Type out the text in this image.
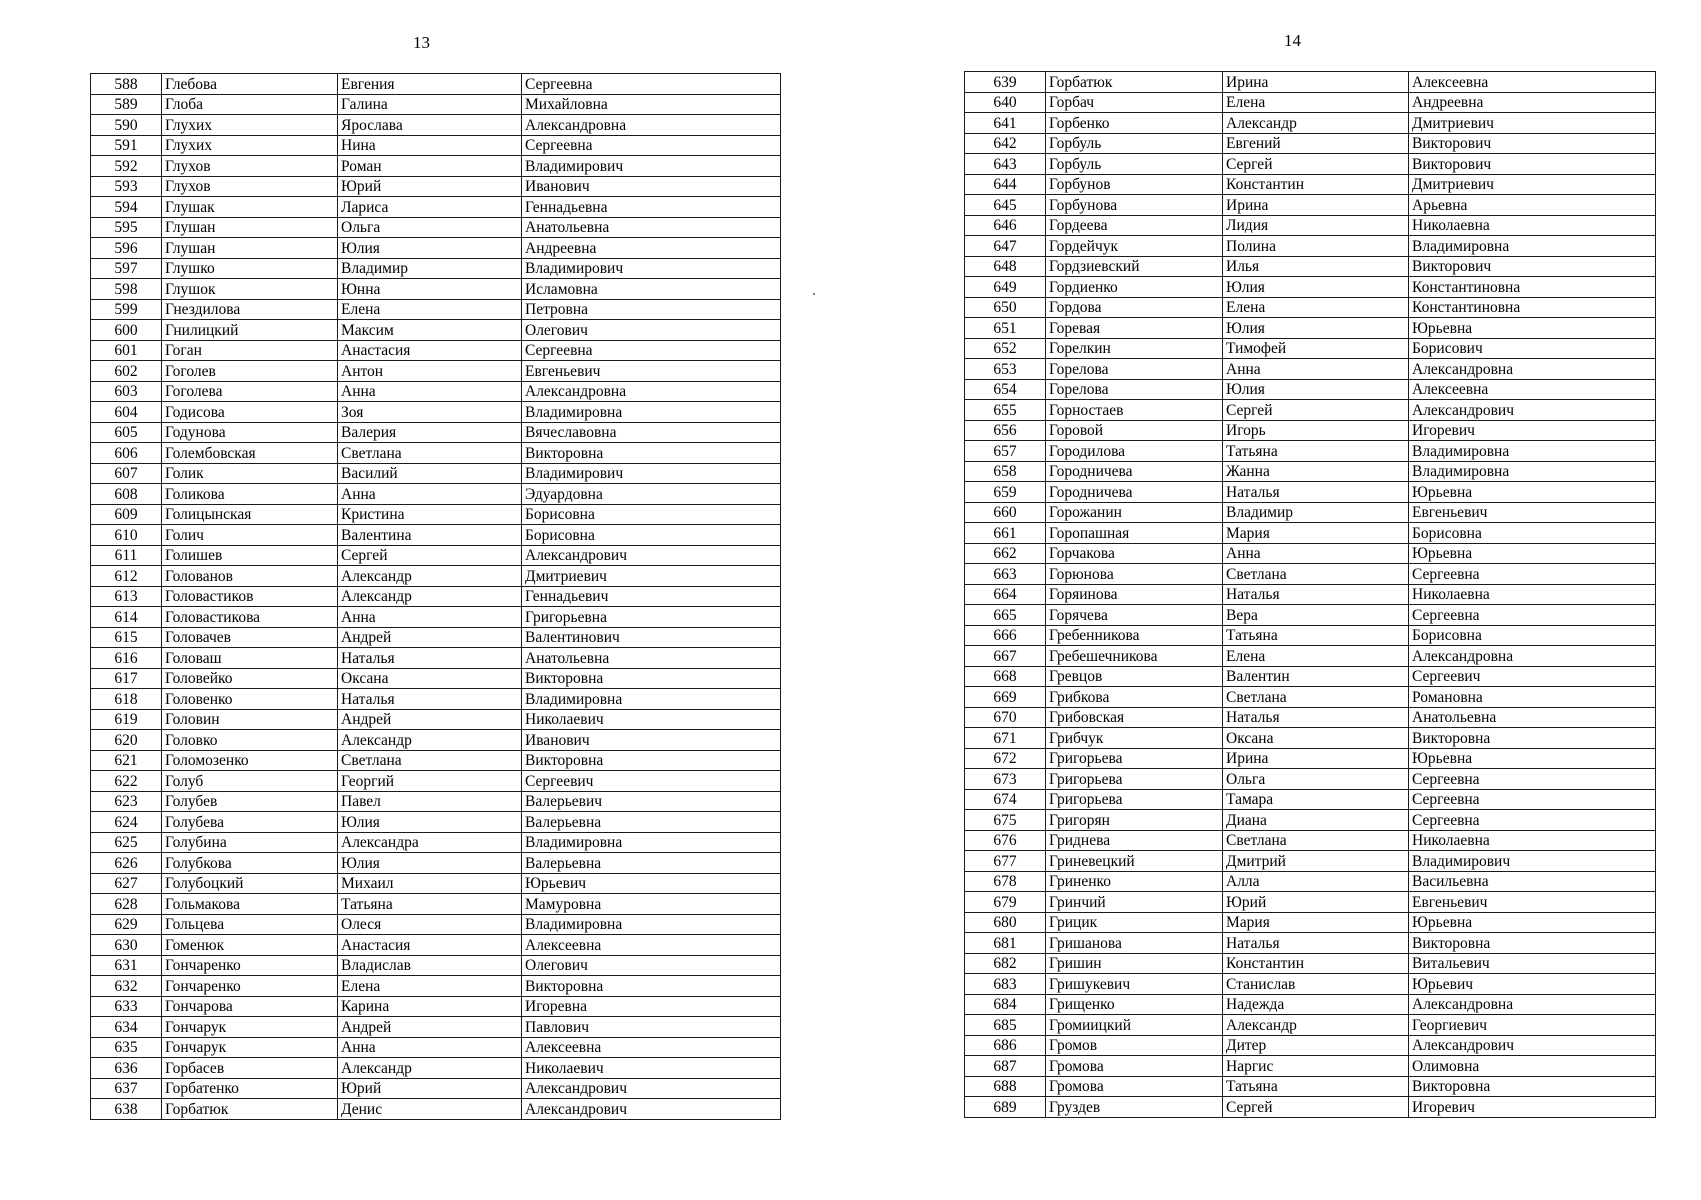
13
588	Глебова	Евгения	Сергеевна
589	Глоба	Галина	Михайловна
590	Глухих	Ярослава	Александровна
591	Глухих	Нина	Сергеевна
592	Глухов	Роман	Владимирович
593	Глухов	Юрий	Иванович
594	Глушак	Лариса	Геннадьевна
595	Глушан	Ольга	Анатольевна
596	Глушан	Юлия	Андреевна
597	Глушко	Владимир	Владимирович
598	Глушок	Юнна	Исламовна
599	Гнездилова	Елена	Петровна
600	Гнилицкий	Максим	Олегович
601	Гоган	Анастасия	Сергеевна
602	Гоголев	Антон	Евгеньевич
603	Гоголева	Анна	Александровна
604	Годисова	Зоя	Владимировна
605	Годунова	Валерия	Вячеславовна
606	Голембовская	Светлана	Викторовна
607	Голик	Василий	Владимирович
608	Голикова	Анна	Эдуардовна
609	Голицынская	Кристина	Борисовна
610	Голич	Валентина	Борисовна
611	Голишев	Сергей	Александрович
612	Голованов	Александр	Дмитриевич
613	Головастиков	Александр	Геннадьевич
614	Головастикова	Анна	Григорьевна
615	Головачев	Андрей	Валентинович
616	Головаш	Наталья	Анатольевна
617	Головейко	Оксана	Викторовна
618	Головенко	Наталья	Владимировна
619	Головин	Андрей	Николаевич
620	Головко	Александр	Иванович
621	Голомозенко	Светлана	Викторовна
622	Голуб	Георгий	Сергеевич
623	Голубев	Павел	Валерьевич
624	Голубева	Юлия	Валерьевна
625	Голубина	Александра	Владимировна
626	Голубкова	Юлия	Валерьевна
627	Голубоцкий	Михаил	Юрьевич
628	Гольмакова	Татьяна	Мамуровна
629	Гольцева	Олеся	Владимировна
630	Гоменюк	Анастасия	Алексеевна
631	Гончаренко	Владислав	Олегович
632	Гончаренко	Елена	Викторовна
633	Гончарова	Карина	Игоревна
634	Гончарук	Андрей	Павлович
635	Гончарук	Анна	Алексеевна
636	Горбасев	Александр	Николаевич
637	Горбатенко	Юрий	Александрович
638	Горбатюк	Денис	Александрович
14
639	Горбатюк	Ирина	Алексеевна
640	Горбач	Елена	Андреевна
641	Горбенко	Александр	Дмитриевич
642	Горбуль	Евгений	Викторович
643	Горбуль	Сергей	Викторович
644	Горбунов	Константин	Дмитриевич
645	Горбунова	Ирина	Арьевна
646	Гордеева	Лидия	Николаевна
647	Гордейчук	Полина	Владимировна
648	Гордзиевский	Илья	Викторович
649	Гордиенко	Юлия	Константиновна
650	Гордова	Елена	Константиновна
651	Горевая	Юлия	Юрьевна
652	Горелкин	Тимофей	Борисович
653	Горелова	Анна	Александровна
654	Горелова	Юлия	Алексеевна
655	Горностаев	Сергей	Александрович
656	Горовой	Игорь	Игоревич
657	Городилова	Татьяна	Владимировна
658	Городничева	Жанна	Владимировна
659	Городничева	Наталья	Юрьевна
660	Горожанин	Владимир	Евгеньевич
661	Горопашная	Мария	Борисовна
662	Горчакова	Анна	Юрьевна
663	Горюнова	Светлана	Сергеевна
664	Горяинова	Наталья	Николаевна
665	Горячева	Вера	Сергеевна
666	Гребенникова	Татьяна	Борисовна
667	Гребешечникова	Елена	Александровна
668	Гревцов	Валентин	Сергеевич
669	Грибкова	Светлана	Романовна
670	Грибовская	Наталья	Анатольевна
671	Грибчук	Оксана	Викторовна
672	Григорьева	Ирина	Юрьевна
673	Григорьева	Ольга	Сергеевна
674	Григорьева	Тамара	Сергеевна
675	Григорян	Диана	Сергеевна
676	Гриднева	Светлана	Николаевна
677	Гриневецкий	Дмитрий	Владимирович
678	Гриненко	Алла	Васильевна
679	Гринчий	Юрий	Евгеньевич
680	Грицик	Мария	Юрьевна
681	Гришанова	Наталья	Викторовна
682	Гришин	Константин	Витальевич
683	Гришукевич	Станислав	Юрьевич
684	Грищенко	Надежда	Александровна
685	Громиицкий	Александр	Георгиевич
686	Громов	Дитер	Александрович
687	Громова	Наргис	Олимовна
688	Громова	Татьяна	Викторовна
689	Груздев	Сергей	Игоревич
